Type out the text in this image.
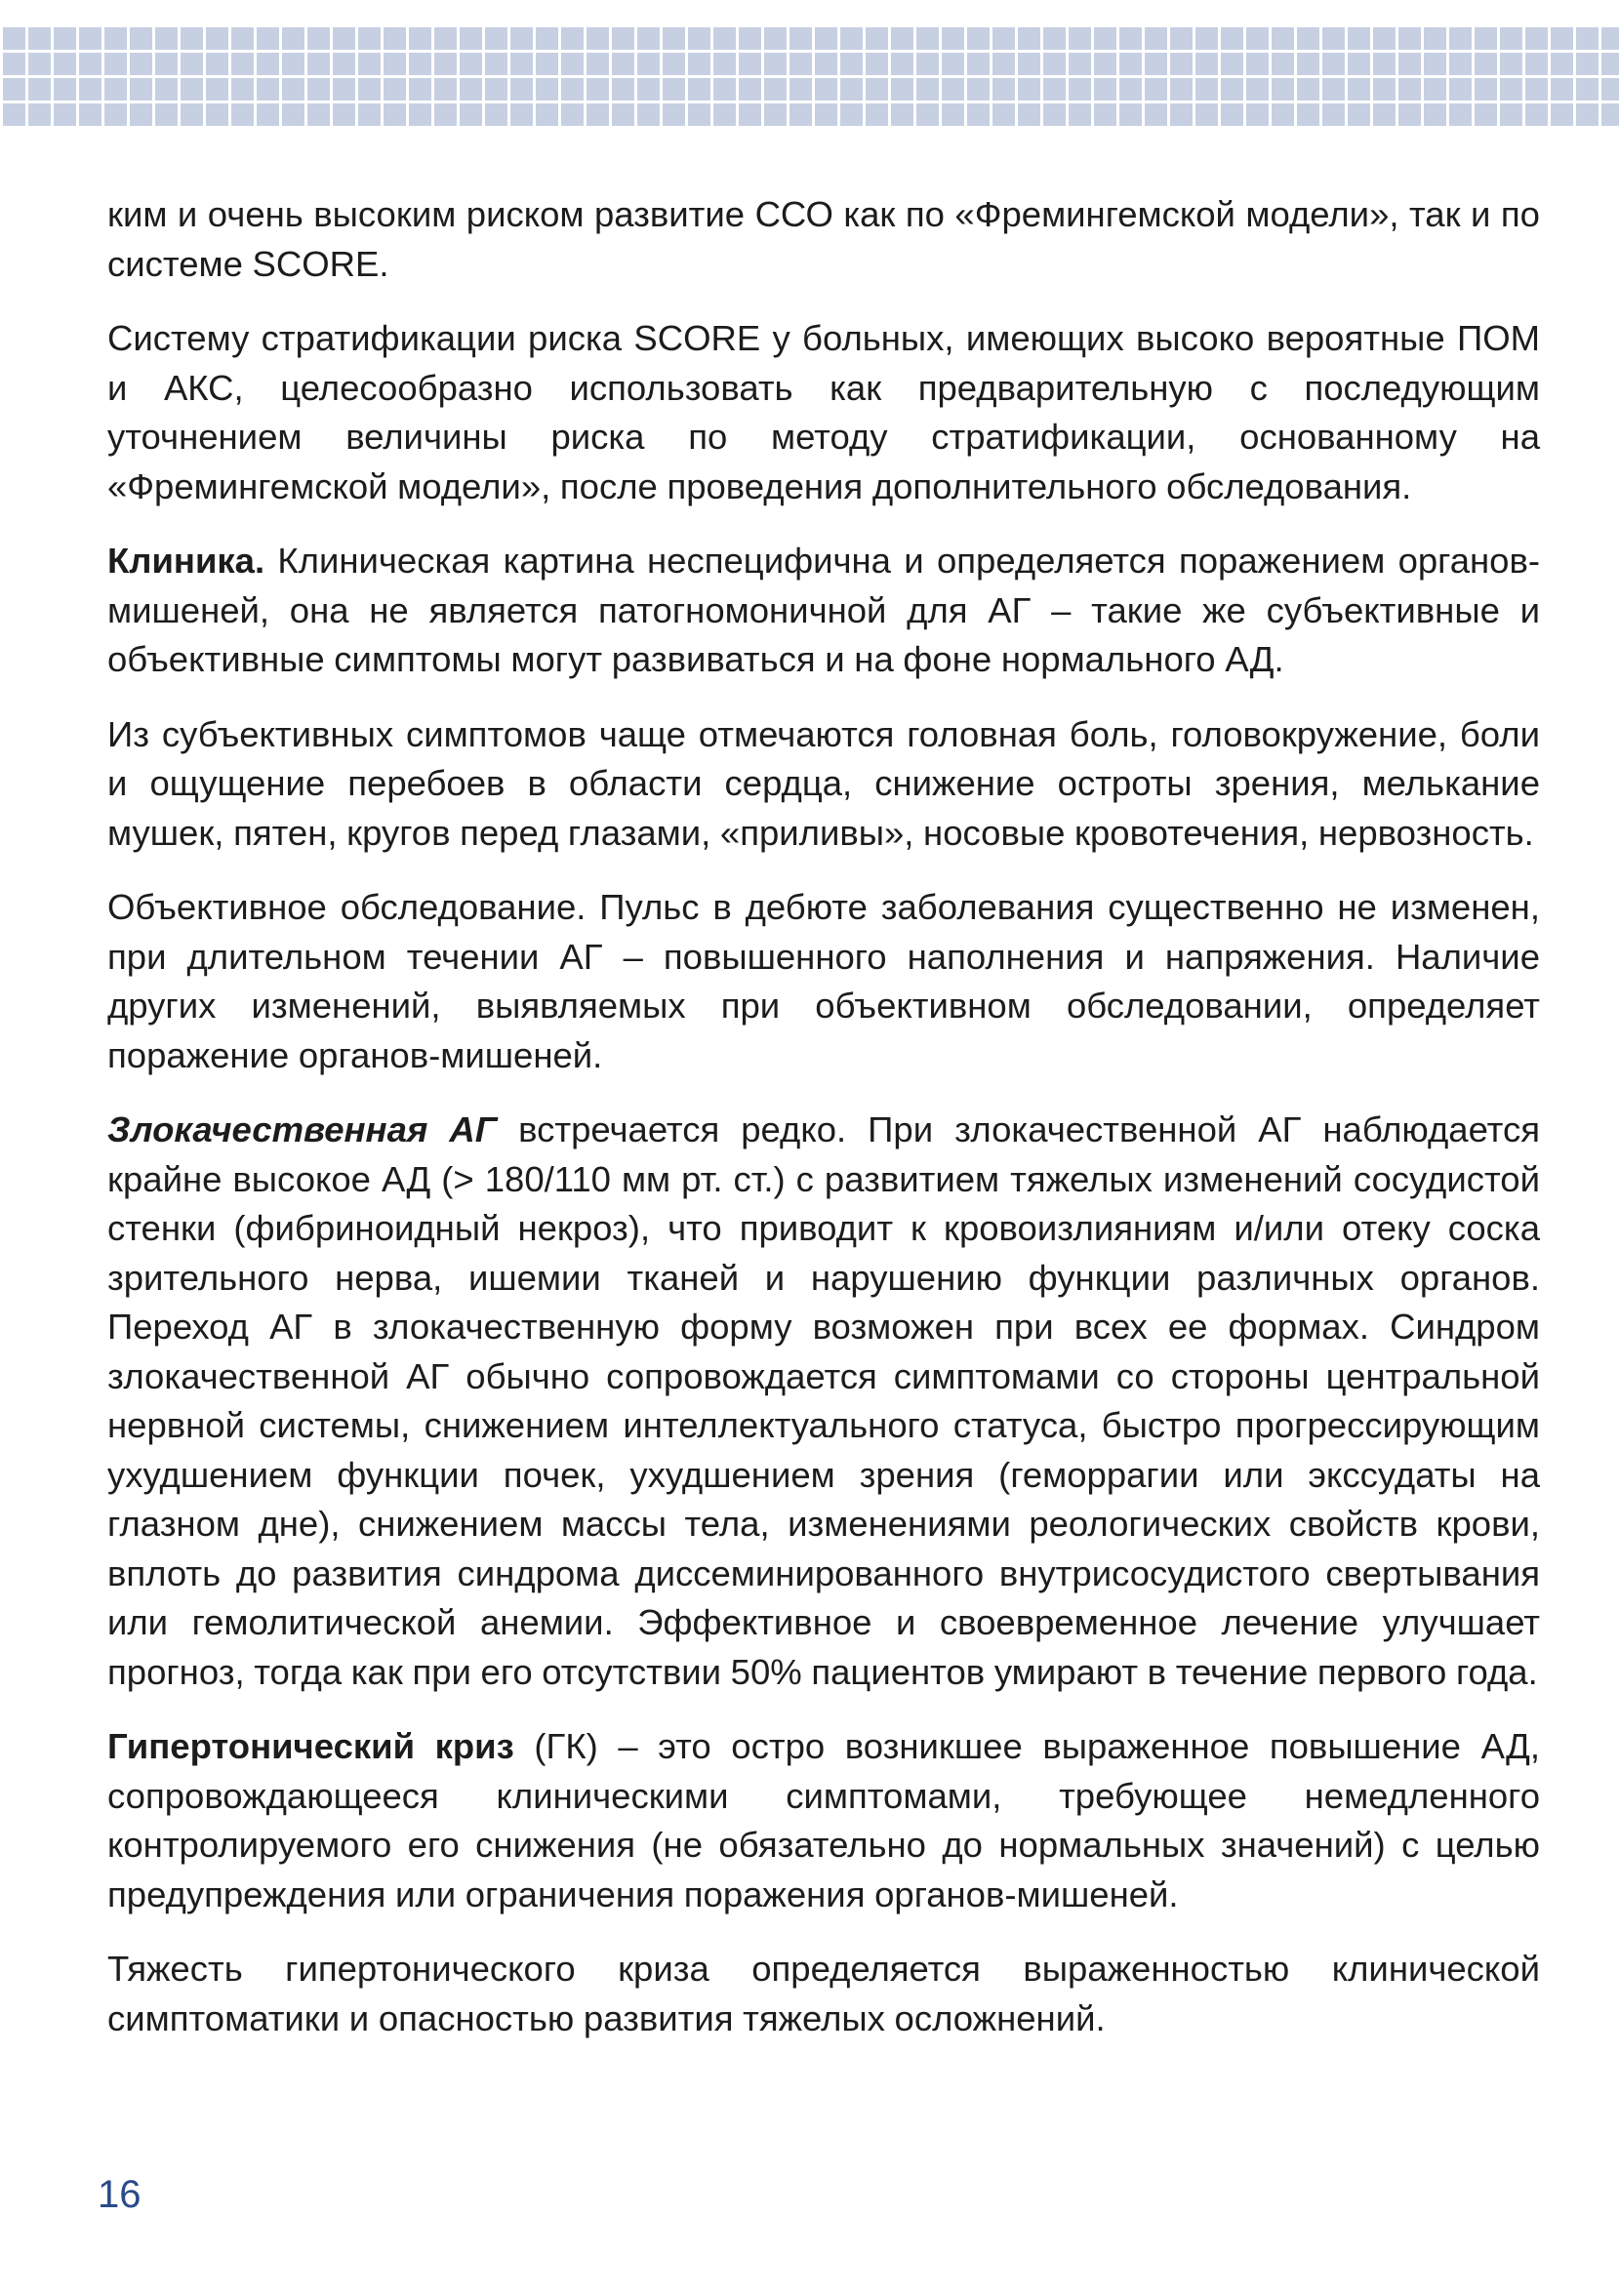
ким и очень высоким риском развитие ССО как по «Фремингемской модели», так и по системе SCORE.

Систему стратификации риска SCORE у больных, имеющих высоко вероятные ПОМ и АКС, целесообразно использовать как предварительную с последующим уточнением величины риска по методу стратификации, основанному на «Фремингемской модели», после проведения дополнительного обследования.

Клиника. Клиническая картина неспецифична и определяется поражением органов-мишеней, она не является патогномоничной для АГ – такие же субъективные и объективные симптомы могут развиваться и на фоне нормального АД.

Из субъективных симптомов чаще отмечаются головная боль, головокружение, боли и ощущение перебоев в области сердца, снижение остроты зрения, мелькание мушек, пятен, кругов перед глазами, «приливы», носовые кровотечения, нервозность.

Объективное обследование. Пульс в дебюте заболевания существенно не изменен, при длительном течении АГ – повышенного наполнения и напряжения. Наличие других изменений, выявляемых при объективном обследовании, определяет поражение органов-мишеней.

Злокачественная АГ встречается редко. При злокачественной АГ наблюдается крайне высокое АД (> 180/110 мм рт. ст.) с развитием тяжелых изменений сосудистой стенки (фибриноидный некроз), что приводит к кровоизлияниям и/или отеку соска зрительного нерва, ишемии тканей и нарушению функции различных органов. Переход АГ в злокачественную форму возможен при всех ее формах. Синдром злокачественной АГ обычно сопровождается симптомами со стороны центральной нервной системы, снижением интеллектуального статуса, быстро прогрессирующим ухудшением функции почек, ухудшением зрения (геморрагии или экссудаты на глазном дне), снижением массы тела, изменениями реологических свойств крови, вплоть до развития синдрома диссеминированного внутрисосудистого свертывания или гемолитической анемии. Эффективное и своевременное лечение улучшает прогноз, тогда как при его отсутствии 50% пациентов умирают в течение первого года.

Гипертонический криз (ГК) – это остро возникшее выраженное повышение АД, сопровождающееся клиническими симптомами, требующее немедленного контролируемого его снижения (не обязательно до нормальных значений) с целью предупреждения или ограничения поражения органов-мишеней.

Тяжесть гипертонического криза определяется выраженностью клинической симптоматики и опасностью развития тяжелых осложнений.

16
